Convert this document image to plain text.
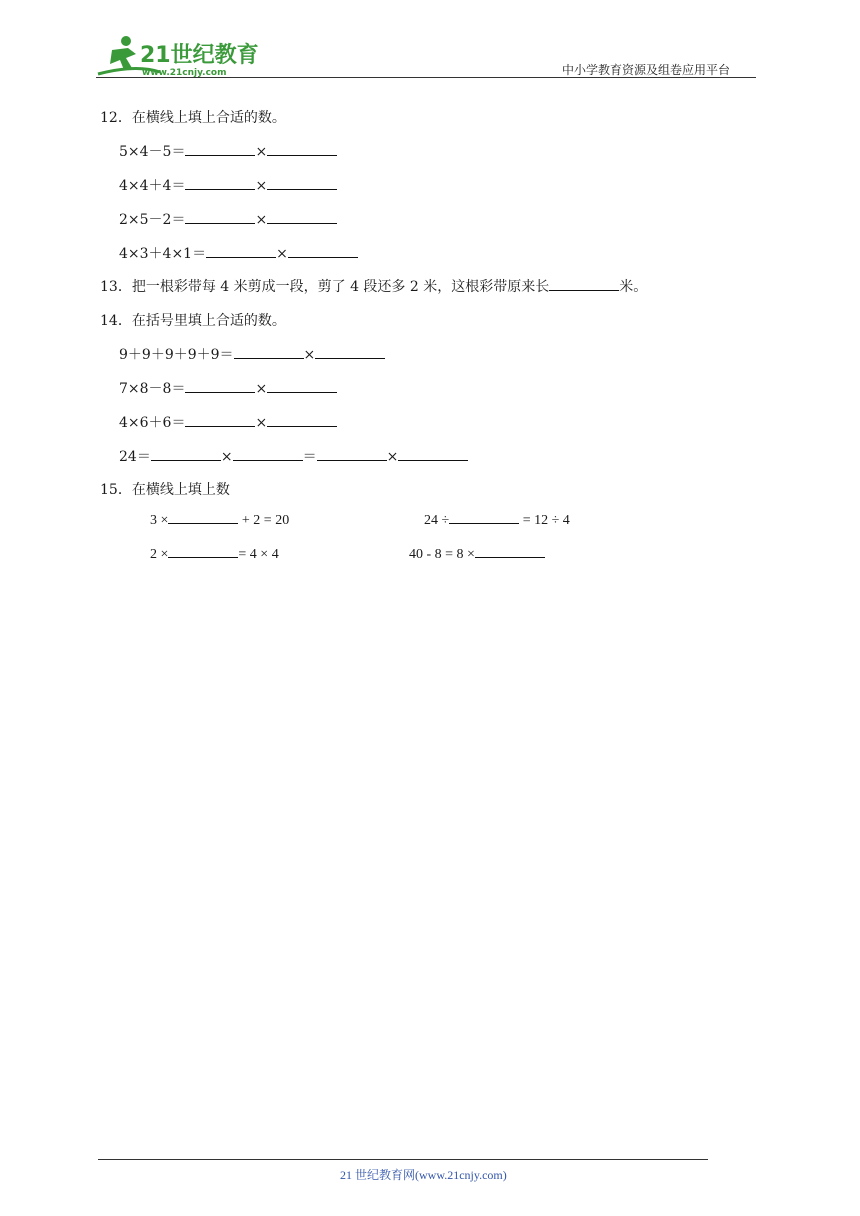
21世纪教育
www.21cnjy.com	中小学教育资源及组卷应用平台
12．在横线上填上合适的数。
5×4－5＝	×
4×4＋4＝	×
2×5－2＝	×
4×3＋4×1＝	×
13．把一根彩带每 4 米剪成一段，剪了 4 段还多 2 米，这根彩带原来长	米。
14．在括号里填上合适的数。
9＋9＋9＋9＋9＝	×
7×8－8＝	×
4×6＋6＝	×
24＝	×	＝	×
15．在横线上填上数
3 ×	+ 2 = 20	24 ÷	= 12 ÷ 4
2 ×	= 4 × 4	40 - 8 = 8 ×
21 世纪教育网(www.21cnjy.com)
